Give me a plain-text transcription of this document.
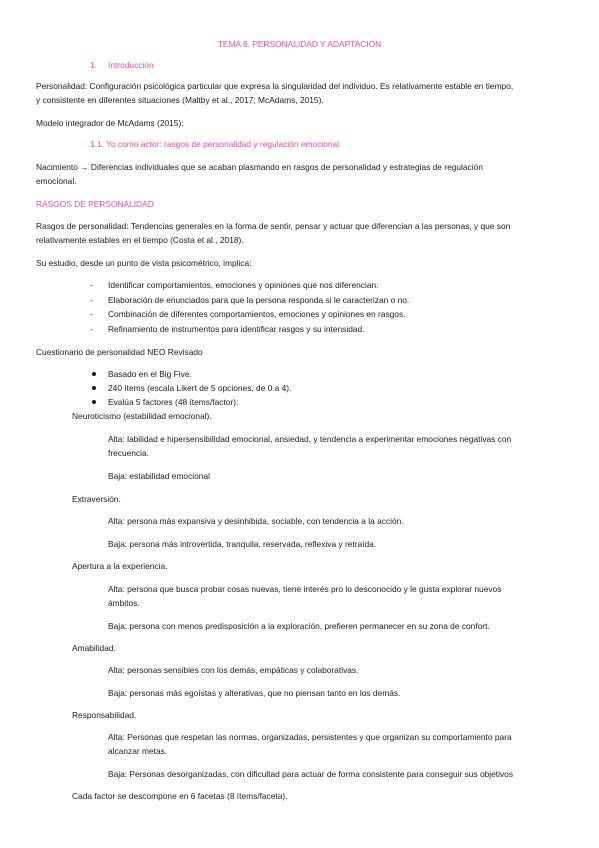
TEMA 6. PERSONALIDAD Y ADAPTACIÓN
1. Introducción
Personalidad: Configuración psicológica particular que expresa la singularidad del individuo. Es relativamente estable en tiempo,
y consistente en diferentes situaciones (Maltby et al., 2017; McAdams, 2015).
Modelo integrador de McAdams (2015):
1.1. Yo como actor: rasgos de personalidad y regulación emocional
Nacimiento → Diferencias individuales que se acaban plasmando en rasgos de personalidad y estrategias de regulación
emocional.
RASGOS DE PERSONALIDAD
Rasgos de personalidad: Tendencias generales en la forma de sentir, pensar y actuar que diferencian a las personas, y que son
relativamente estables en el tiempo (Costa et al., 2018).
Su estudio, desde un punto de vista psicométrico, implica:
- Identificar comportamientos, emociones y opiniones que nos diferencian.
- Elaboración de enunciados para que la persona responda si le caracterizan o no.
- Combinación de diferentes comportamientos, emociones y opiniones en rasgos.
- Refinamiento de instrumentos para identificar rasgos y su intensidad.
Cuestionario de personalidad NEO Revisado
Basado en el Big Five.
240 ítems (escala Likert de 5 opciones, de 0 a 4).
Evalúa 5 factores (48 ítems/factor):
Neuroticismo (estabilidad emocional).
Alta: labilidad e hipersensibilidad emocional, ansiedad, y tendencia a experimentar emociones negativas con
frecuencia.
Baja: estabilidad emocional
Extraversión.
Alta: persona más expansiva y desinhibida, sociable, con tendencia a la acción.
Baja: persona más introvertida, tranquila, reservada, reflexiva y retraída.
Apertura a la experiencia.
Alta: persona que busca probar cosas nuevas, tiene interés pro lo desconocido y le gusta explorar nuevos
ámbitos.
Baja: persona con menos predisposición a la exploración, prefieren permanecer en su zona de confort.
Amabilidad.
Alta: personas sensibles con los demás, empáticas y colaborativas.
Baja: personas más egoístas y alterativas, que no piensan tanto en los demás.
Responsabilidad.
Alta: Personas que respetan las normas, organizadas, persistentes y que organizan su comportamiento para
alcanzar metas.
Baja: Personas desorganizadas, con dificultad para actuar de forma consistente para conseguir sus objetivos
Cada factor se descompone en 6 facetas (8 ítems/faceta).
